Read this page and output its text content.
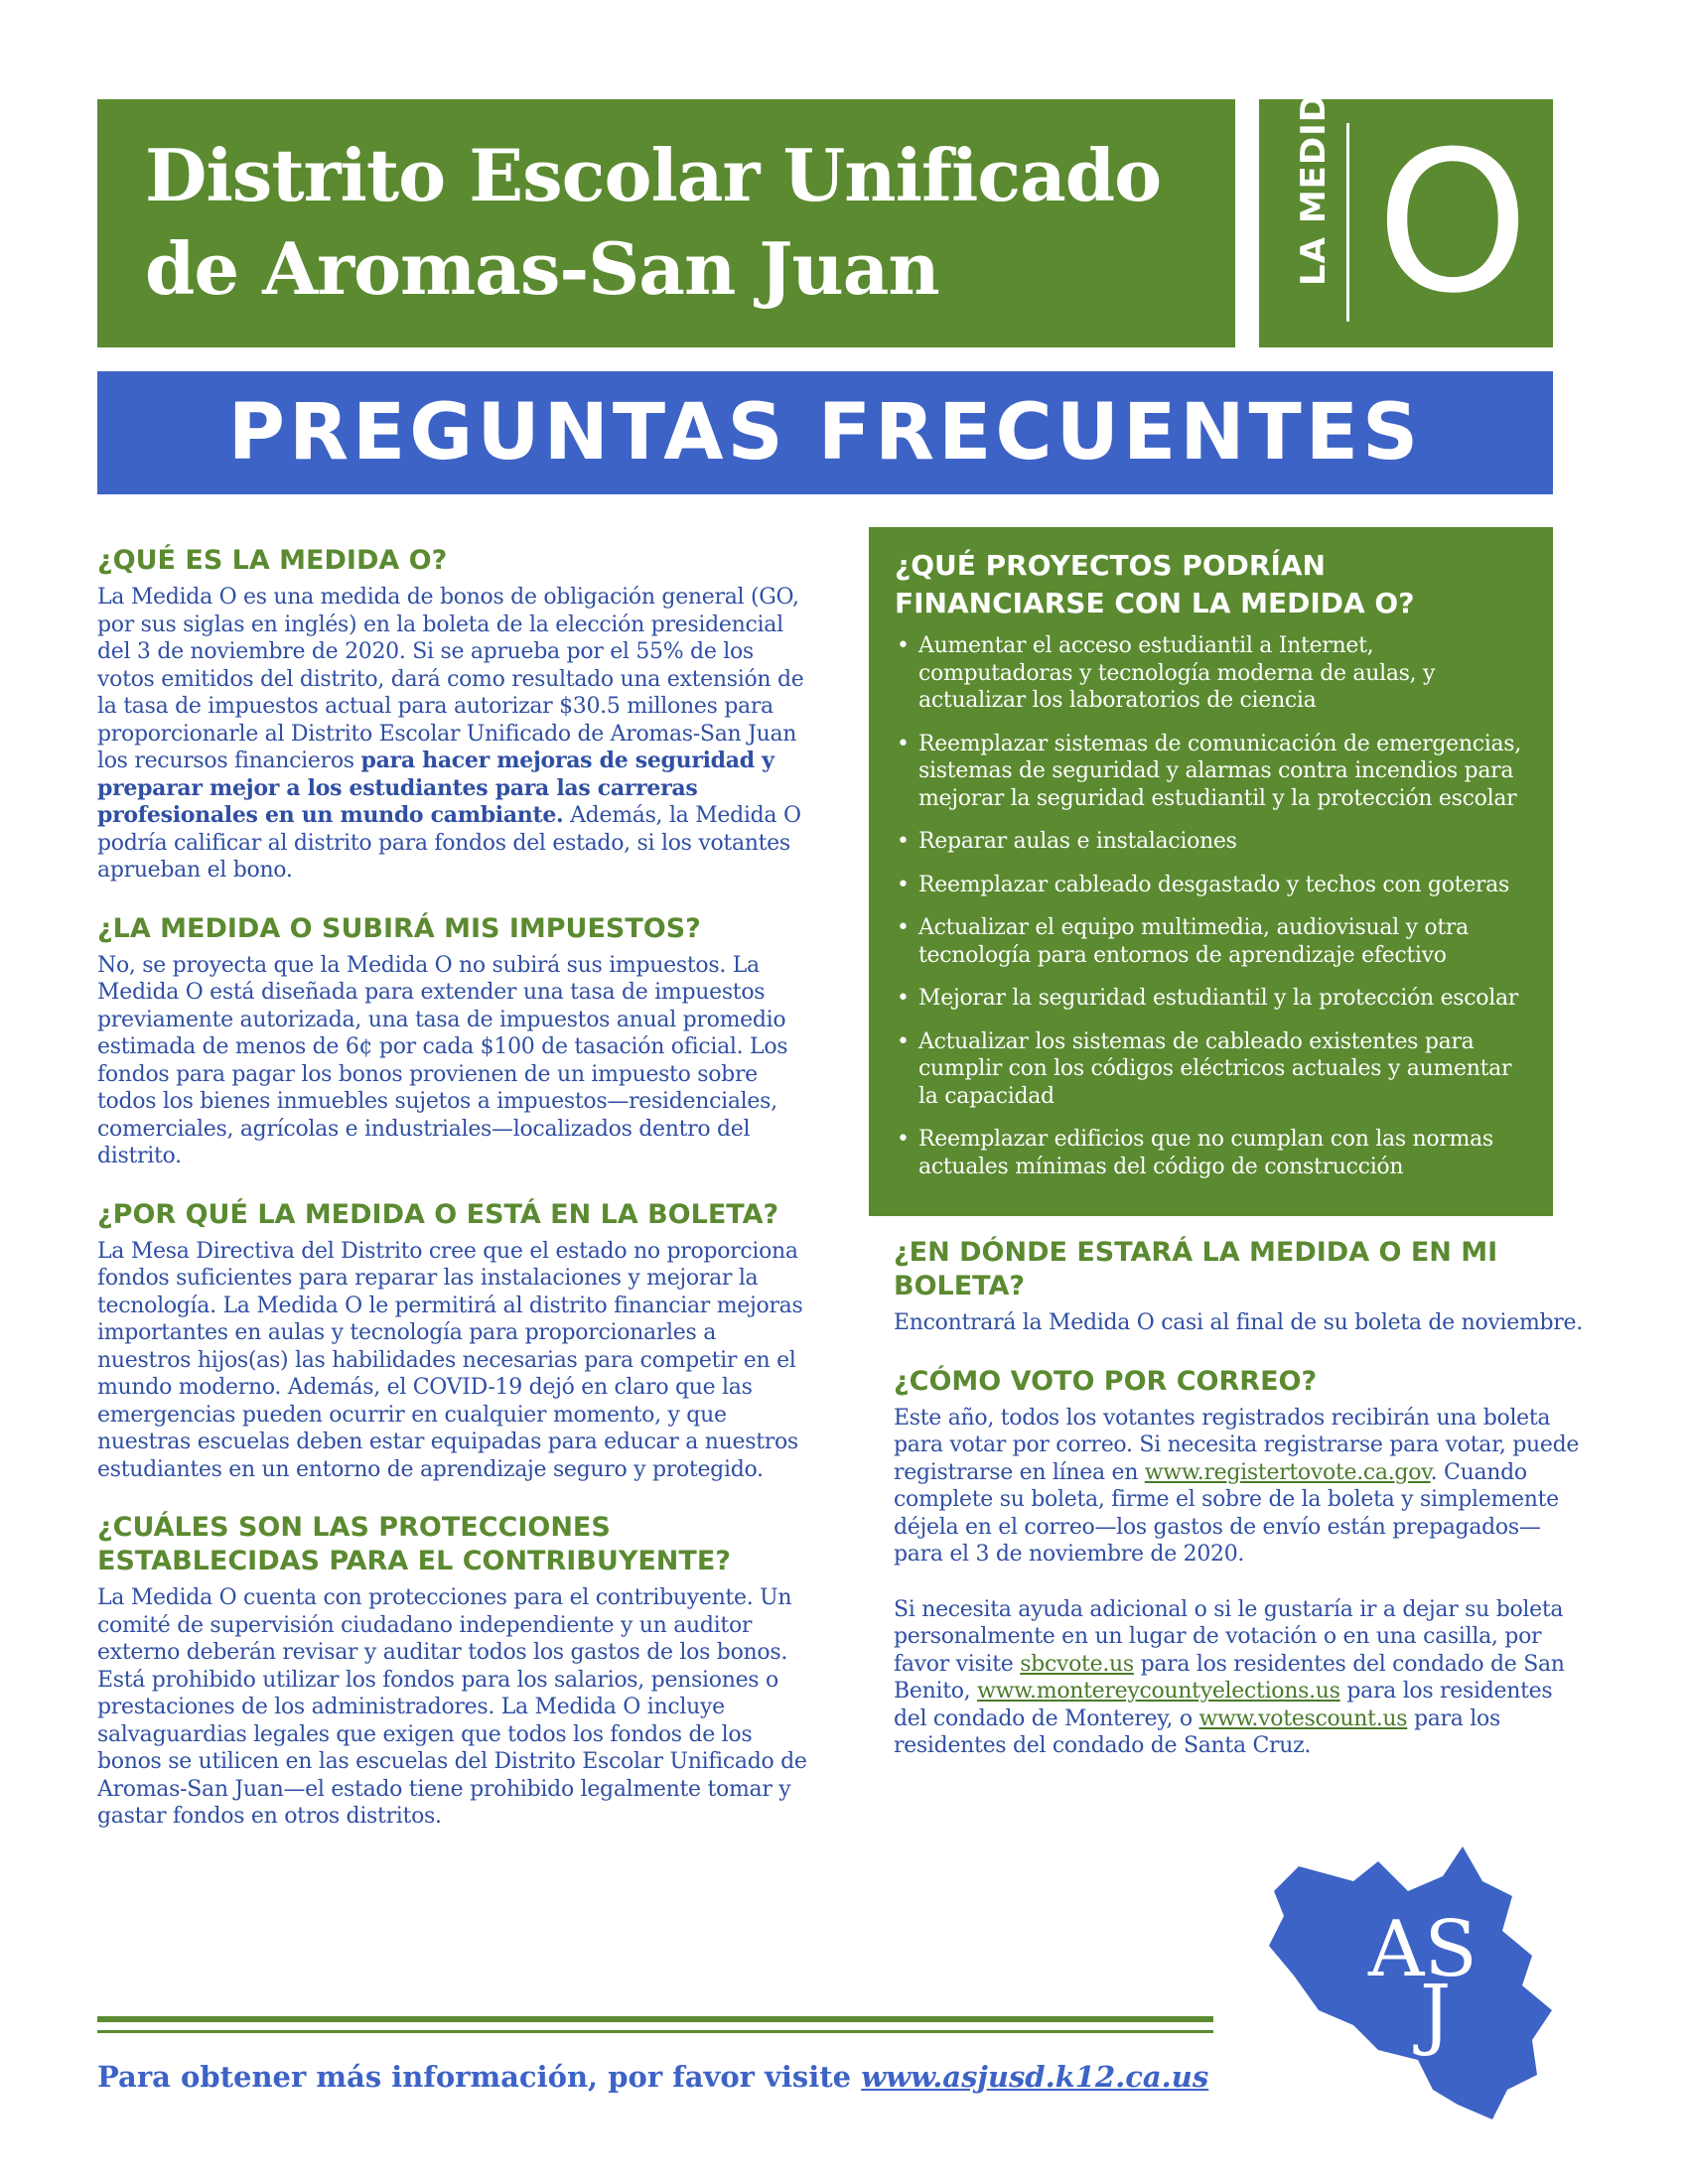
Distrito Escolar Unificado
de Aromas-San Juan	LA MEDIDA O
PREGUNTAS FRECUENTES
¿QUÉ ES LA MEDIDA O?

La Medida O es una medida de bonos de obligación general (GO, por sus siglas en inglés) en la boleta de la elección presidencial del 3 de noviembre de 2020. Si se aprueba por el 55% de los votos emitidos del distrito, dará como resultado una extensión de la tasa de impuestos actual para autorizar $30.5 millones para proporcionarle al Distrito Escolar Unificado de Aromas-San Juan los recursos financieros para hacer mejoras de seguridad y preparar mejor a los estudiantes para las carreras profesionales en un mundo cambiante. Además, la Medida O podría calificar al distrito para fondos del estado, si los votantes aprueban el bono.

¿LA MEDIDA O SUBIRÁ MIS IMPUESTOS?

No, se proyecta que la Medida O no subirá sus impuestos. La Medida O está diseñada para extender una tasa de impuestos previamente autorizada, una tasa de impuestos anual promedio estimada de menos de 6¢ por cada $100 de tasación oficial. Los fondos para pagar los bonos provienen de un impuesto sobre todos los bienes inmuebles sujetos a impuestos—residenciales, comerciales, agrícolas e industriales—localizados dentro del distrito.

¿POR QUÉ LA MEDIDA O ESTÁ EN LA BOLETA?

La Mesa Directiva del Distrito cree que el estado no proporciona fondos suficientes para reparar las instalaciones y mejorar la tecnología. La Medida O le permitirá al distrito financiar mejoras importantes en aulas y tecnología para proporcionarles a nuestros hijos(as) las habilidades necesarias para competir en el mundo moderno. Además, el COVID-19 dejó en claro que las emergencias pueden ocurrir en cualquier momento, y que nuestras escuelas deben estar equipadas para educar a nuestros estudiantes en un entorno de aprendizaje seguro y protegido.

¿CUÁLES SON LAS PROTECCIONES ESTABLECIDAS PARA EL CONTRIBUYENTE?

La Medida O cuenta con protecciones para el contribuyente. Un comité de supervisión ciudadano independiente y un auditor externo deberán revisar y auditar todos los gastos de los bonos. Está prohibido utilizar los fondos para los salarios, pensiones o prestaciones de los administradores. La Medida O incluye salvaguardias legales que exigen que todos los fondos de los bonos se utilicen en las escuelas del Distrito Escolar Unificado de Aromas-San Juan—el estado tiene prohibido legalmente tomar y gastar fondos en otros distritos.

¿QUÉ PROYECTOS PODRÍAN FINANCIARSE CON LA MEDIDA O?
• Aumentar el acceso estudiantil a Internet, computadoras y tecnología moderna de aulas, y actualizar los laboratorios de ciencia
• Reemplazar sistemas de comunicación de emergencias, sistemas de seguridad y alarmas contra incendios para mejorar la seguridad estudiantil y la protección escolar
• Reparar aulas e instalaciones
• Reemplazar cableado desgastado y techos con goteras
• Actualizar el equipo multimedia, audiovisual y otra tecnología para entornos de aprendizaje efectivo
• Mejorar la seguridad estudiantil y la protección escolar
• Actualizar los sistemas de cableado existentes para cumplir con los códigos eléctricos actuales y aumentar la capacidad
• Reemplazar edificios que no cumplan con las normas actuales mínimas del código de construcción
¿EN DÓNDE ESTARÁ LA MEDIDA O EN MI BOLETA?

Encontrará la Medida O casi al final de su boleta de noviembre.

¿CÓMO VOTO POR CORREO?

Este año, todos los votantes registrados recibirán una boleta para votar por correo. Si necesita registrarse para votar, puede registrarse en línea en www.registertovote.ca.gov. Cuando complete su boleta, firme el sobre de la boleta y simplemente déjela en el correo—los gastos de envío están prepagados—para el 3 de noviembre de 2020.

Si necesita ayuda adicional o si le gustaría ir a dejar su boleta personalmente en un lugar de votación o en una casilla, por favor visite sbcvote.us para los residentes del condado de San Benito, www.montereycountyelections.us para los residentes del condado de Monterey, o www.votescount.us para los residentes del condado de Santa Cruz.

AS
J
Para obtener más información, por favor visite www.asjusd.k12.ca.us
